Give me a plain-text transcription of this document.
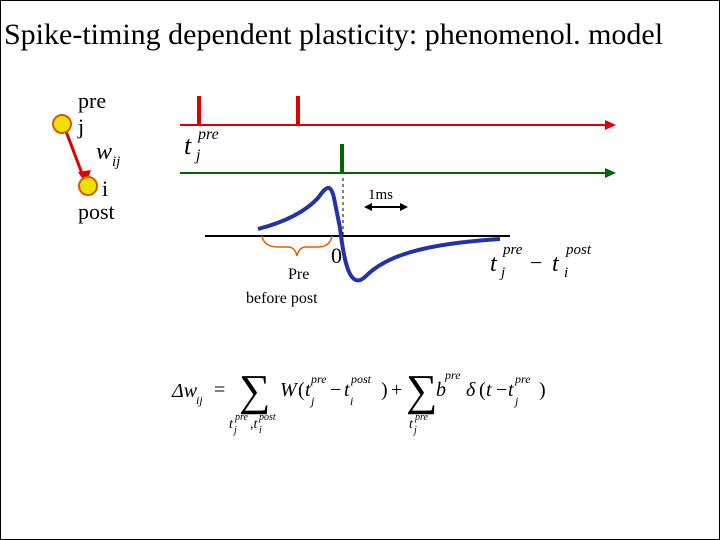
Spike-timing dependent plasticity: phenomenol. model
1ms
0
t pre
j
t
pre
j − t
post
i
w ij
Δw
ij = ∑
t pre
j ,t post
i
W ( t pre
j − t post
i ) + ∑
t pre
j
b
pre
δ ( t − t pre
j )
pre
j
i
post
Pre
before post
